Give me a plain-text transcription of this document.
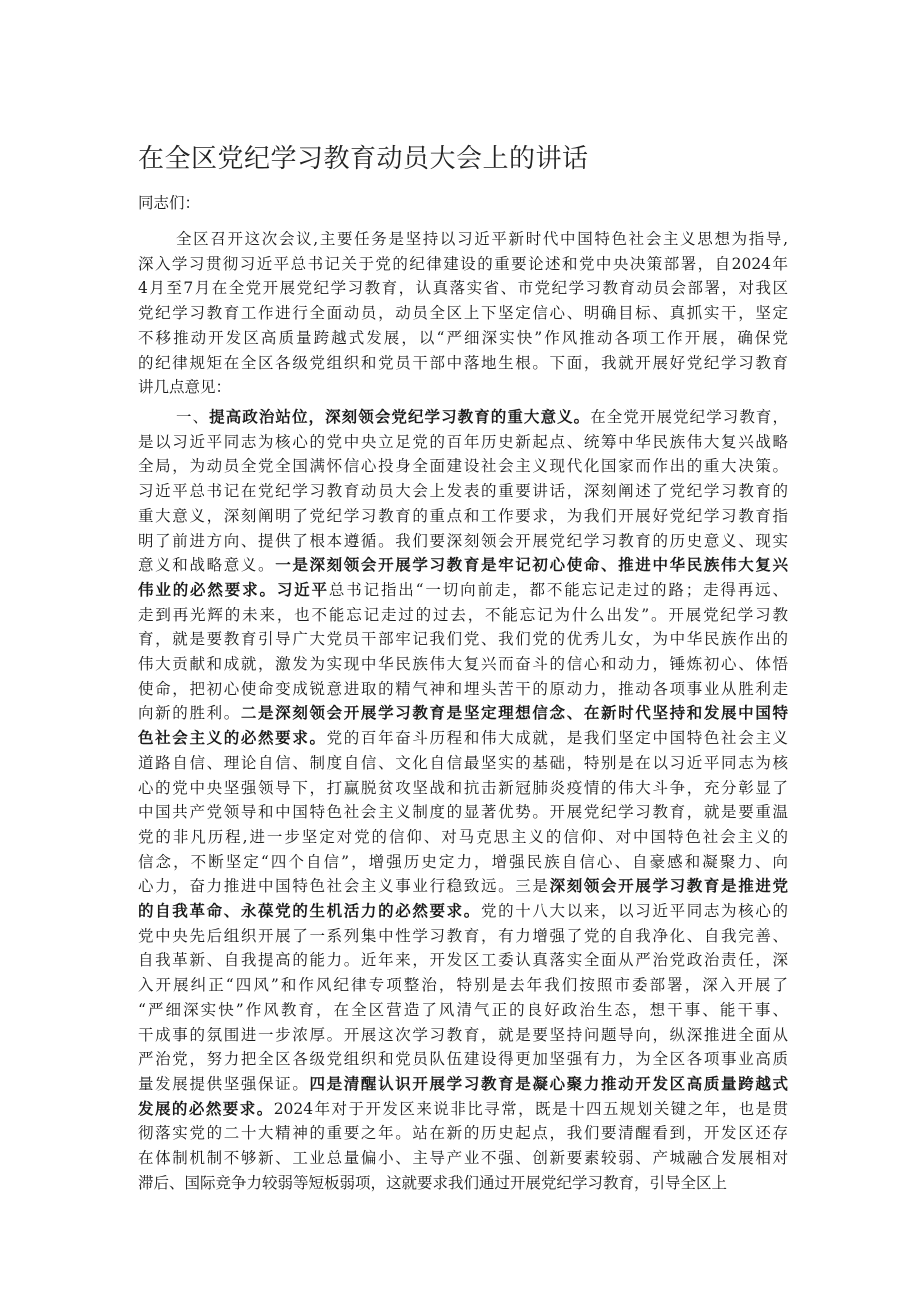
在全区党纪学习教育动员大会上的讲话
同志们：
全区召开这次会议,主要任务是坚持以习近平新时代中国特色社会主义思想为指导,
深入学习贯彻习近平总书记关于党的纪律建设的重要论述和党中央决策部署，自2024年
4月至7月在全党开展党纪学习教育，认真落实省、市党纪学习教育动员会部署，对我区
党纪学习教育工作进行全面动员，动员全区上下坚定信心、明确目标、真抓实干，坚定
不移推动开发区高质量跨越式发展，以“严细深实快”作风推动各项工作开展，确保党
的纪律规矩在全区各级党组织和党员干部中落地生根。下面，我就开展好党纪学习教育
讲几点意见：
一、提高政治站位，深刻领会党纪学习教育的重大意义。在全党开展党纪学习教育，
是以习近平同志为核心的党中央立足党的百年历史新起点、统筹中华民族伟大复兴战略
全局，为动员全党全国满怀信心投身全面建设社会主义现代化国家而作出的重大决策。
习近平总书记在党纪学习教育动员大会上发表的重要讲话，深刻阐述了党纪学习教育的
重大意义，深刻阐明了党纪学习教育的重点和工作要求，为我们开展好党纪学习教育指
明了前进方向、提供了根本遵循。我们要深刻领会开展党纪学习教育的历史意义、现实
意义和战略意义。一是深刻领会开展学习教育是牢记初心使命、推进中华民族伟大复兴
伟业的必然要求。习近平总书记指出“一切向前走，都不能忘记走过的路；走得再远、
走到再光辉的未来，也不能忘记走过的过去，不能忘记为什么出发”。开展党纪学习教
育，就是要教育引导广大党员干部牢记我们党、我们党的优秀儿女，为中华民族作出的
伟大贡献和成就，激发为实现中华民族伟大复兴而奋斗的信心和动力，锤炼初心、体悟
使命，把初心使命变成锐意进取的精气神和埋头苦干的原动力，推动各项事业从胜利走
向新的胜利。二是深刻领会开展学习教育是坚定理想信念、在新时代坚持和发展中国特
色社会主义的必然要求。党的百年奋斗历程和伟大成就，是我们坚定中国特色社会主义
道路自信、理论自信、制度自信、文化自信最坚实的基础，特别是在以习近平同志为核
心的党中央坚强领导下，打赢脱贫攻坚战和抗击新冠肺炎疫情的伟大斗争，充分彰显了
中国共产党领导和中国特色社会主义制度的显著优势。开展党纪学习教育，就是要重温
党的非凡历程,进一步坚定对党的信仰、对马克思主义的信仰、对中国特色社会主义的
信念，不断坚定“四个自信”，增强历史定力，增强民族自信心、自豪感和凝聚力、向
心力，奋力推进中国特色社会主义事业行稳致远。三是深刻领会开展学习教育是推进党
的自我革命、永葆党的生机活力的必然要求。党的十八大以来，以习近平同志为核心的
党中央先后组织开展了一系列集中性学习教育，有力增强了党的自我净化、自我完善、
自我革新、自我提高的能力。近年来，开发区工委认真落实全面从严治党政治责任，深
入开展纠正“四风”和作风纪律专项整治，特别是去年我们按照市委部署，深入开展了
“严细深实快”作风教育，在全区营造了风清气正的良好政治生态，想干事、能干事、
干成事的氛围进一步浓厚。开展这次学习教育，就是要坚持问题导向，纵深推进全面从
严治党，努力把全区各级党组织和党员队伍建设得更加坚强有力，为全区各项事业高质
量发展提供坚强保证。四是清醒认识开展学习教育是凝心聚力推动开发区高质量跨越式
发展的必然要求。2024年对于开发区来说非比寻常，既是十四五规划关键之年，也是贯
彻落实党的二十大精神的重要之年。站在新的历史起点，我们要清醒看到，开发区还存
在体制机制不够新、工业总量偏小、主导产业不强、创新要素较弱、产城融合发展相对
滞后、国际竞争力较弱等短板弱项，这就要求我们通过开展党纪学习教育，引导全区上
